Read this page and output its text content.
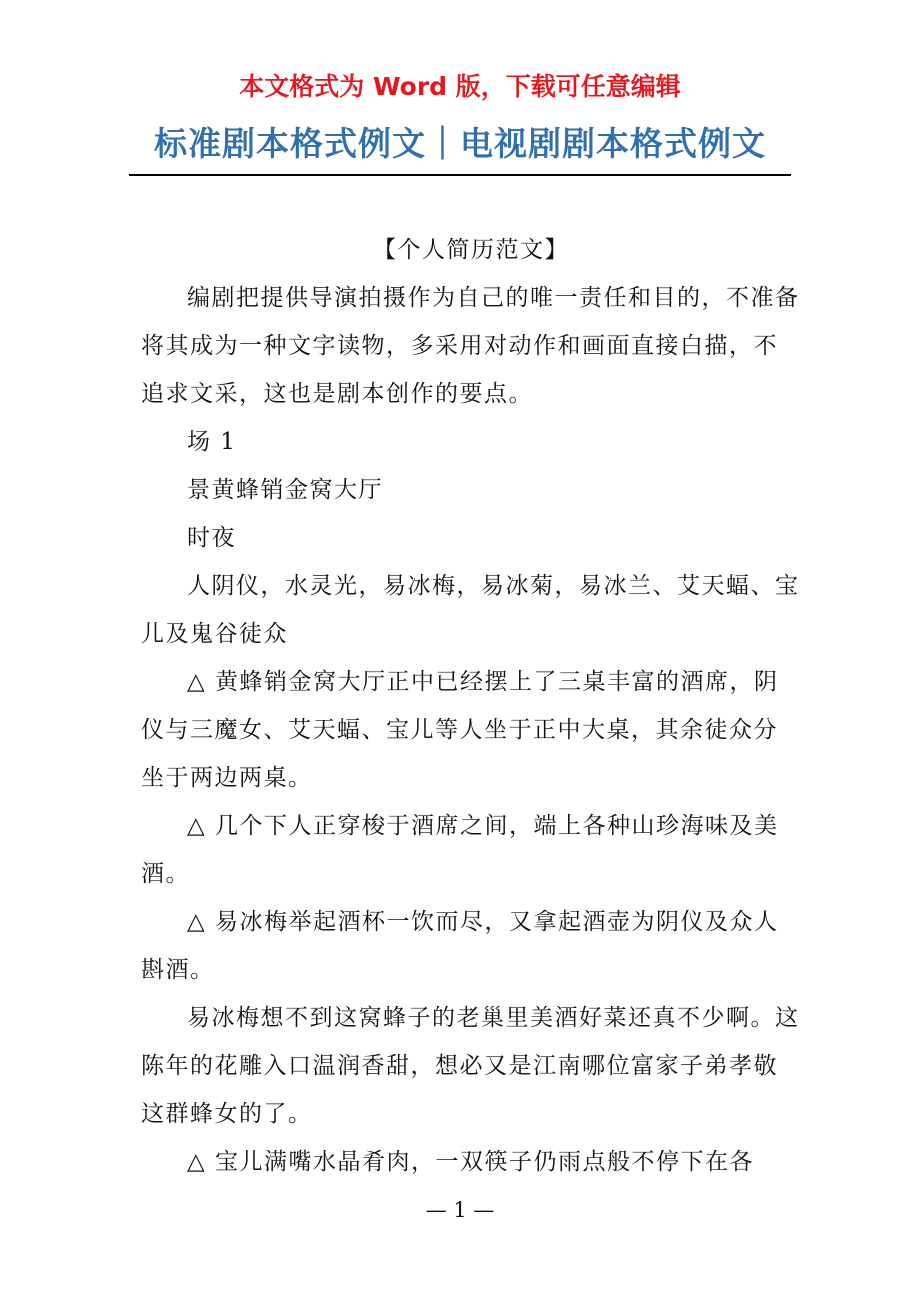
本文格式为 Word 版，下载可任意编辑
标准剧本格式例文｜电视剧剧本格式例文

【个人简历范文】

编剧把提供导演拍摄作为自己的唯一责任和目的，不准备将其成为一种文字读物，多采用对动作和画面直接白描，不追求文采，这也是剧本创作的要点。

场 1

景黄蜂销金窝大厅

时夜

人阴仪，水灵光，易冰梅，易冰菊，易冰兰、艾天蝠、宝儿及鬼谷徒众

△ 黄蜂销金窝大厅正中已经摆上了三桌丰富的酒席，阴仪与三魔女、艾天蝠、宝儿等人坐于正中大桌，其余徒众分坐于两边两桌。

△ 几个下人正穿梭于酒席之间，端上各种山珍海味及美酒。

△ 易冰梅举起酒杯一饮而尽，又拿起酒壶为阴仪及众人斟酒。

易冰梅想不到这窝蜂子的老巢里美酒好菜还真不少啊。这陈年的花雕入口温润香甜，想必又是江南哪位富家子弟孝敬这群蜂女的了。

△ 宝儿满嘴水晶肴肉，一双筷子仍雨点般不停下在各

— 1 —
